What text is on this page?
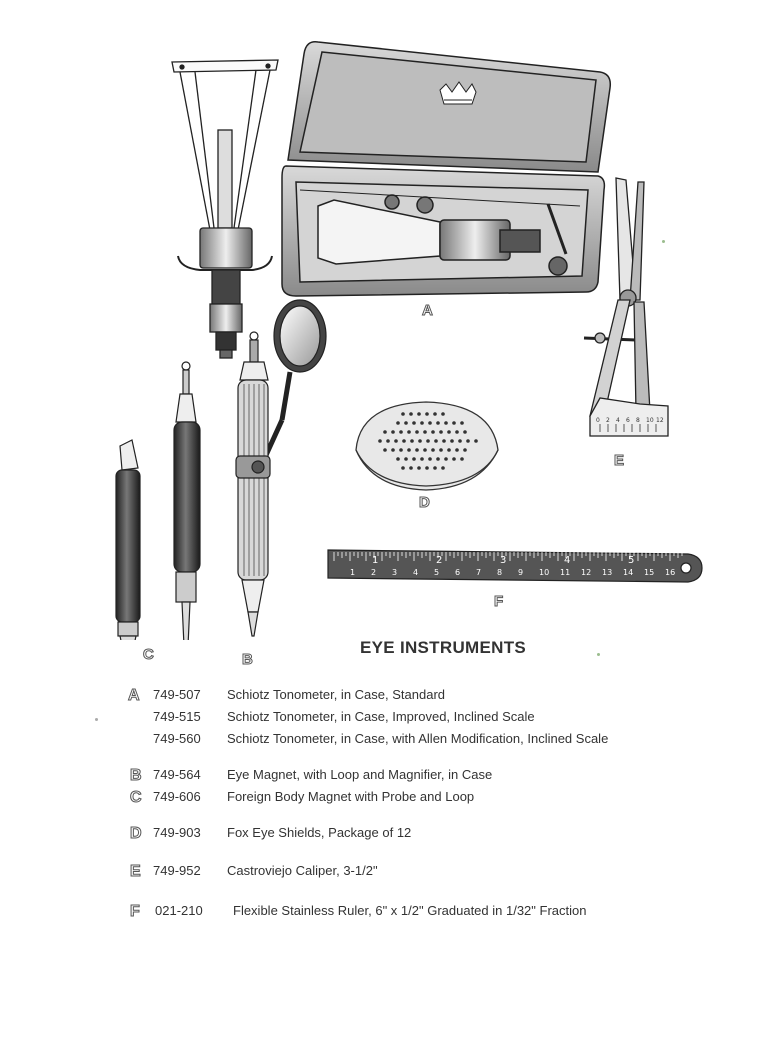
0 2 4 6 8 10 12
1 2 3 4 5 6 7 8 9 10 11 12 13 14 15 16
1	2	3	4	5
A
E
D
F
C	B
EYE INSTRUMENTS
A 749-507 Schiotz Tonometer, in Case, Standard
749-515 Schiotz Tonometer, in Case, Improved, Inclined Scale
749-560 Schiotz Tonometer, in Case, with Allen Modification, Inclined Scale
B 749-564 Eye Magnet, with Loop and Magnifier, in Case
C 749-606 Foreign Body Magnet with Probe and Loop
D 749-903 Fox Eye Shields, Package of 12
E 749-952 Castroviejo Caliper, 3-1/2"
F 021-210 Flexible Stainless Ruler, 6" x 1/2" Graduated in 1/32" Fraction
